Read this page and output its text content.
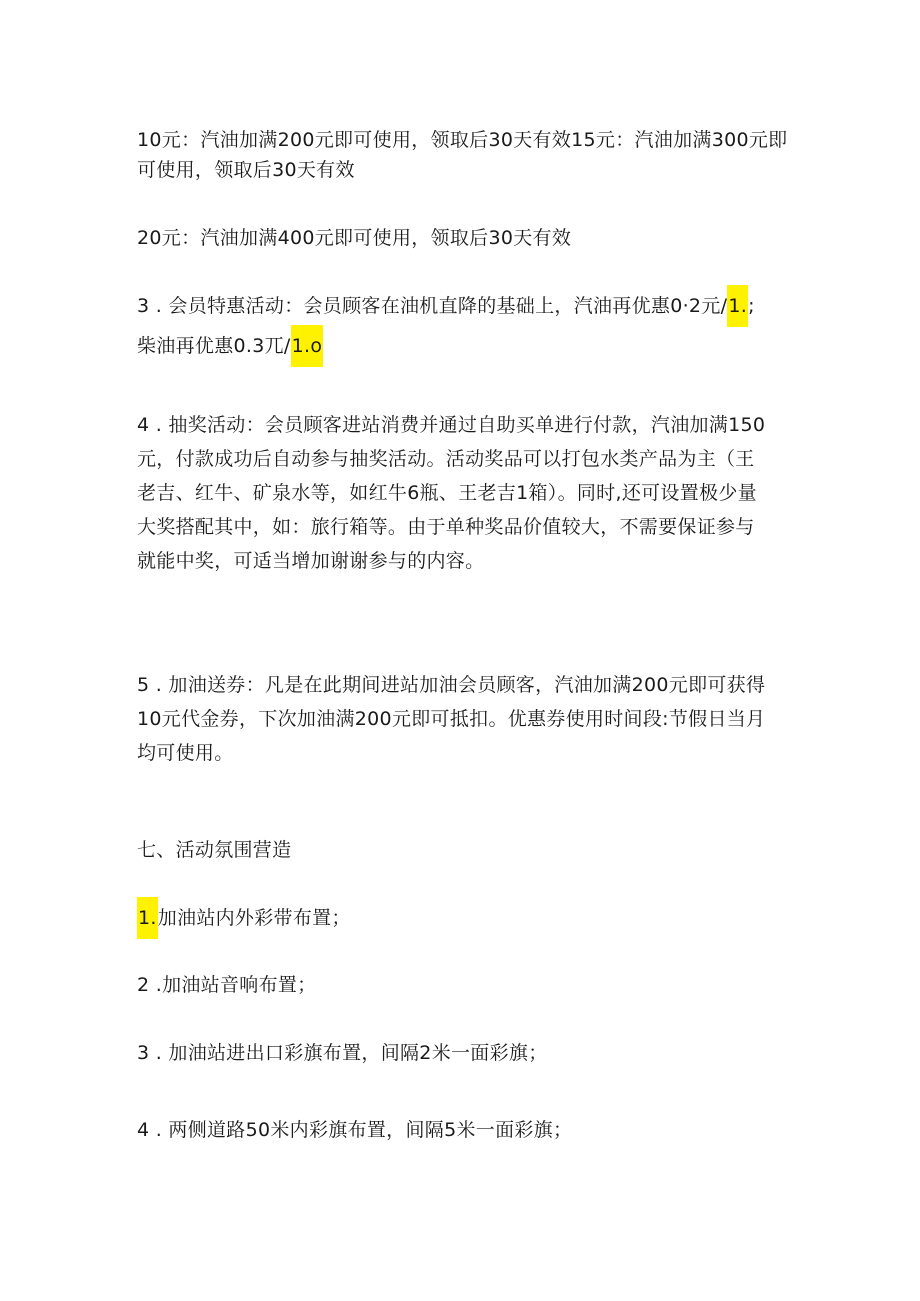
10元：汽油加满200元即可使用，领取后30天有效15元：汽油加满300元即
可使用，领取后30天有效
20元：汽油加满400元即可使用，领取后30天有效
3 . 会员特惠活动：会员顾客在油机直降的基础上，汽油再优惠0·2元/1.;
柴油再优惠0.3兀/1.o
4 . 抽奖活动：会员顾客进站消费并通过自助买单进行付款，汽油加满150
元，付款成功后自动参与抽奖活动。活动奖品可以打包水类产品为主（王
老吉、红牛、矿泉水等，如红牛6瓶、王老吉1箱）。同时,还可设置极少量
大奖搭配其中，如：旅行箱等。由于单种奖品价值较大，不需要保证参与
就能中奖，可适当增加谢谢参与的内容。
5 . 加油送券：凡是在此期间进站加油会员顾客，汽油加满200元即可获得
10元代金券，下次加油满200元即可抵扣。优惠券使用时间段:节假日当月
均可使用。
七、活动氛围营造
1.加油站内外彩带布置；
2 .加油站音响布置；
3 . 加油站进出口彩旗布置，间隔2米一面彩旗；
4 . 两侧道路50米内彩旗布置，间隔5米一面彩旗；
